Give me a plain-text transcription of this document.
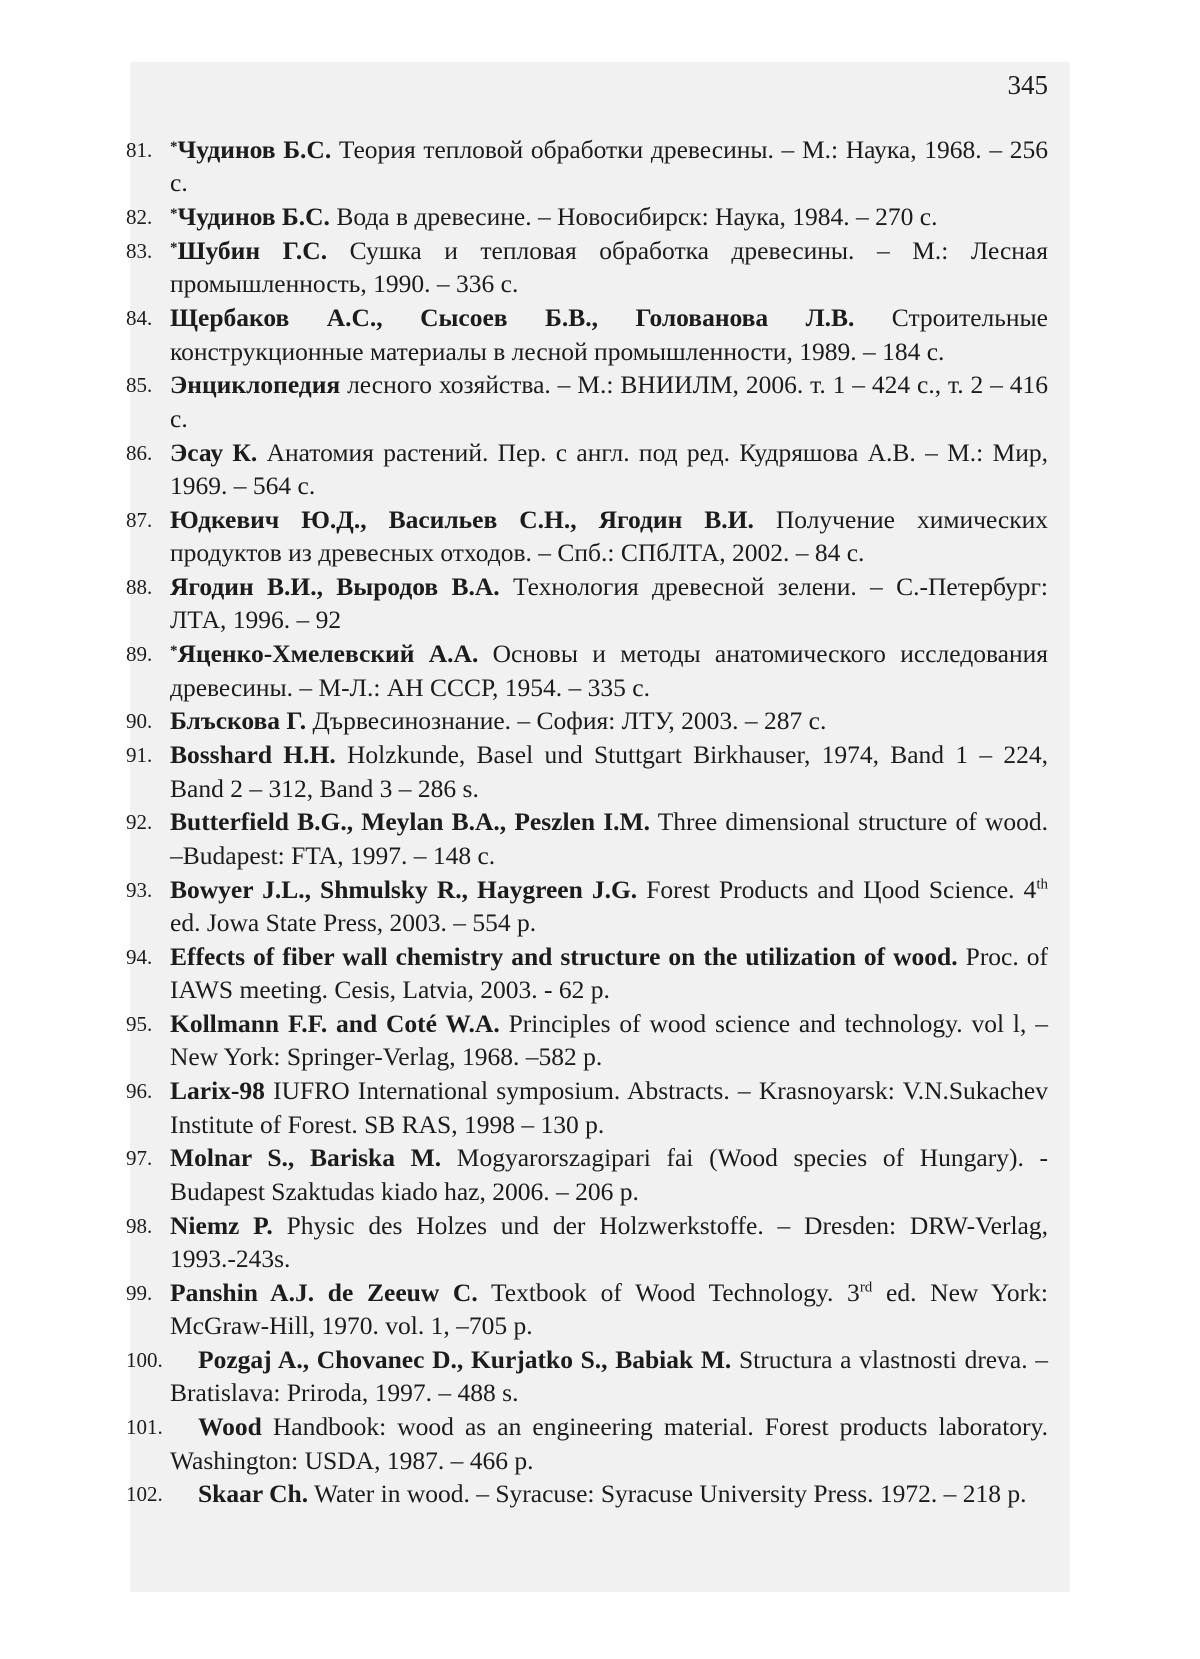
345
81. *Чудинов Б.С. Теория тепловой обработки древесины. – М.: Наука, 1968. – 256 с.
82. *Чудинов Б.С. Вода в древесине. – Новосибирск: Наука, 1984. – 270 с.
83. *Шубин Г.С. Сушка и тепловая обработка древесины. – М.: Лесная промышленность, 1990. – 336 с.
84. Щербаков А.С., Сысоев Б.В., Голованова Л.В. Строительные конструкционные материалы в лесной промышленности, 1989. – 184 с.
85. Энциклопедия лесного хозяйства. – М.: ВНИИЛМ, 2006. т. 1 – 424 с., т. 2 – 416 с.
86. Эсау К. Анатомия растений. Пер. с англ. под ред. Кудряшова А.В. – М.: Мир, 1969. – 564 с.
87. Юдкевич Ю.Д., Васильев С.Н., Ягодин В.И. Получение химических продуктов из древесных отходов. – Спб.: СПбЛТА, 2002. – 84 с.
88. Ягодин В.И., Выродов В.А. Технология древесной зелени. – С.-Петербург: ЛТА, 1996. – 92
89. *Яценко-Хмелевский А.А. Основы и методы анатомического исследования древесины. – М-Л.: АН СССР, 1954. – 335 с.
90. Блъскова Г. Дървесинознание. – София: ЛТУ, 2003. – 287 с.
91. Bosshard H.H. Holzkunde, Basel und Stuttgart Birkhauser, 1974, Band 1 – 224, Band 2 – 312, Band 3 – 286 s.
92. Butterfield B.G., Meylan B.A., Peszlen I.M. Three dimensional structure of wood. –Budapest: FTA, 1997. – 148 c.
93. Bowyer J.L., Shmulsky R., Haygreen J.G. Forest Products and Цood Science. 4th ed. Jowa State Press, 2003. – 554 p.
94. Effects of fiber wall chemistry and structure on the utilization of wood. Proc. of IAWS meeting. Cesis, Latvia, 2003. - 62 p.
95. Kollmann F.F. and Coté W.A. Principles of wood science and technology. vol l, –New York: Springer-Verlag, 1968. –582 p.
96. Larix-98 IUFRO International symposium. Abstracts. – Krasnoyarsk: V.N.Sukachev Institute of Forest. SB RAS, 1998 – 130 p.
97. Molnar S., Bariska M. Mogyarorszagipari fai (Wood species of Hungary). - Budapest Szaktudas kiado haz, 2006. – 206 p.
98. Niemz P. Physic des Holzes und der Holzwerkstoffe. – Dresden: DRW-Verlag, 1993.-243s.
99. Panshin A.J. de Zeeuw C. Textbook of Wood Technology. 3rd ed. New York: McGraw-Hill, 1970. vol. 1, –705 p.
100. Pozgaj A., Chovanec D., Kurjatko S., Babiak M. Structura a vlastnosti dreva. – Bratislava: Priroda, 1997. – 488 s.
101. Wood Handbook: wood as an engineering material. Forest products laboratory. Washington: USDA, 1987. – 466 p.
102. Skaar Ch. Water in wood. – Syracuse: Syracuse University Press. 1972. – 218 p.
